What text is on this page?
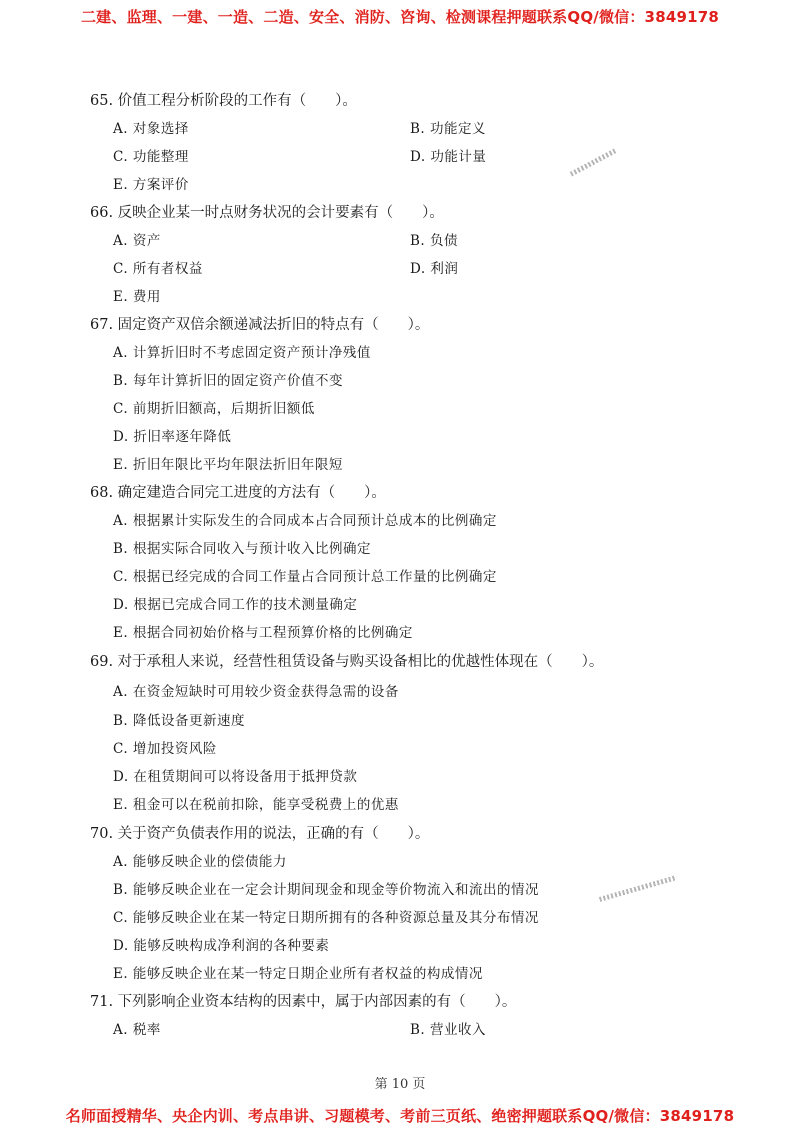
二建、监理、一建、一造、二造、安全、消防、咨询、检测课程押题联系QQ/微信：3849178
65. 价值工程分析阶段的工作有（　　）。
A. 对象选择	B. 功能定义
C. 功能整理	D. 功能计量
E. 方案评价
66. 反映企业某一时点财务状况的会计要素有（　　）。
A. 资产	B. 负债
C. 所有者权益	D. 利润
E. 费用
67. 固定资产双倍余额递减法折旧的特点有（　　）。
A. 计算折旧时不考虑固定资产预计净残值
B. 每年计算折旧的固定资产价值不变
C. 前期折旧额高，后期折旧额低
D. 折旧率逐年降低
E. 折旧年限比平均年限法折旧年限短
68. 确定建造合同完工进度的方法有（　　）。
A. 根据累计实际发生的合同成本占合同预计总成本的比例确定
B. 根据实际合同收入与预计收入比例确定
C. 根据已经完成的合同工作量占合同预计总工作量的比例确定
D. 根据已完成合同工作的技术测量确定
E. 根据合同初始价格与工程预算价格的比例确定
69. 对于承租人来说，经营性租赁设备与购买设备相比的优越性体现在（　　）。
A. 在资金短缺时可用较少资金获得急需的设备
B. 降低设备更新速度
C. 增加投资风险
D. 在租赁期间可以将设备用于抵押贷款
E. 租金可以在税前扣除，能享受税费上的优惠
70. 关于资产负债表作用的说法，正确的有（　　）。
A. 能够反映企业的偿债能力
B. 能够反映企业在一定会计期间现金和现金等价物流入和流出的情况
C. 能够反映企业在某一特定日期所拥有的各种资源总量及其分布情况
D. 能够反映构成净利润的各种要素
E. 能够反映企业在某一特定日期企业所有者权益的构成情况
71. 下列影响企业资本结构的因素中，属于内部因素的有（　　）。
A. 税率	B. 营业收入
第 10 页
名师面授精华、央企内训、考点串讲、习题模考、考前三页纸、绝密押题联系QQ/微信：3849178
